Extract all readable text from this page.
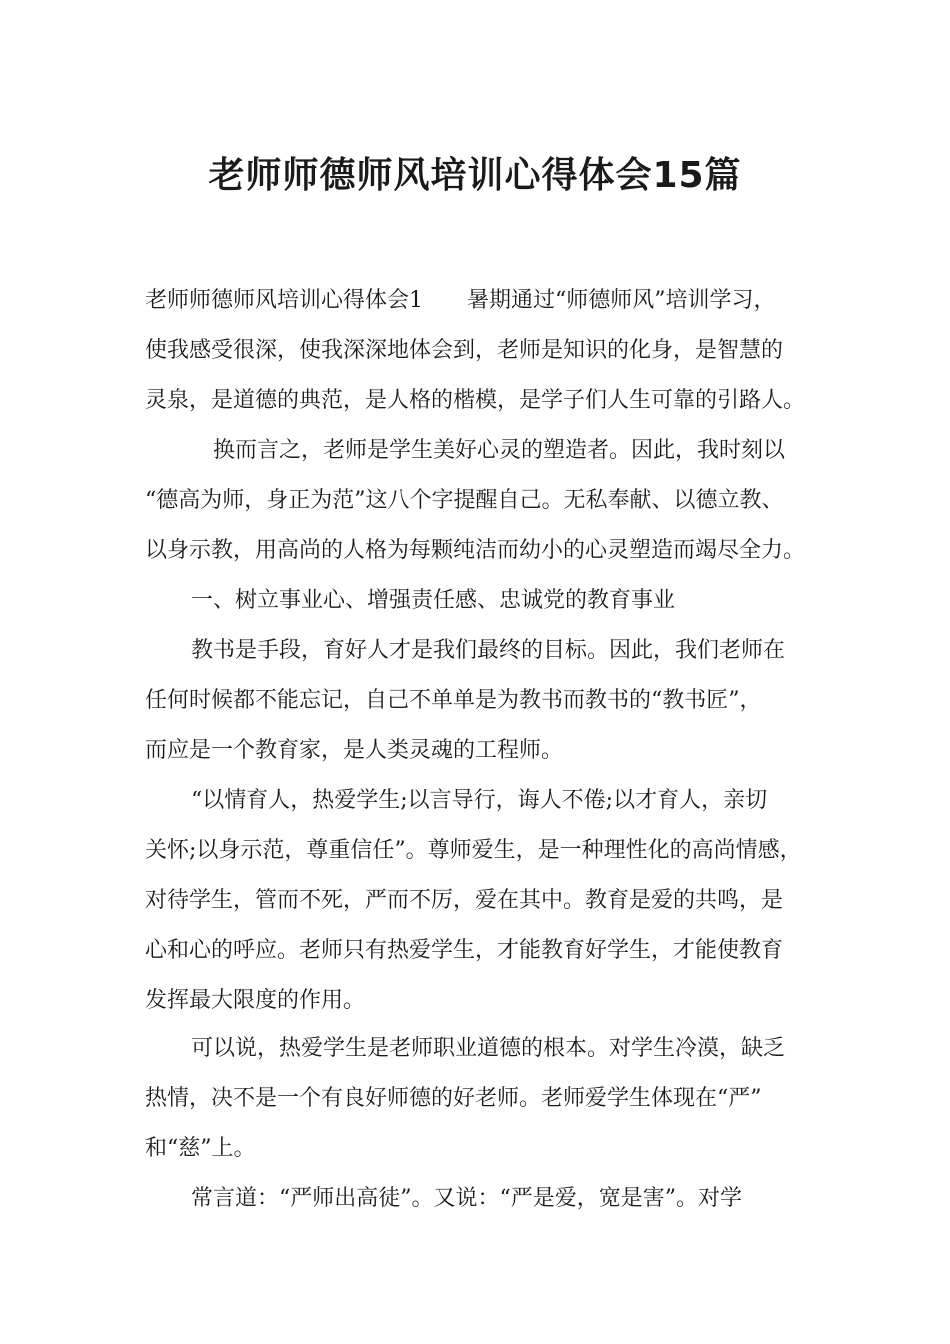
老师师德师风培训心得体会15篇
老师师德师风培训心得体会1　　暑期通过“师德师风”培训学习，
使我感受很深，使我深深地体会到，老师是知识的化身，是智慧的
灵泉，是道德的典范，是人格的楷模，是学子们人生可靠的引路人。
　换而言之，老师是学生美好心灵的塑造者。因此，我时刻以
“德高为师，身正为范”这八个字提醒自己。无私奉献、以德立教、
以身示教，用高尚的人格为每颗纯洁而幼小的心灵塑造而竭尽全力。
一、树立事业心、增强责任感、忠诚党的教育事业
教书是手段，育好人才是我们最终的目标。因此，我们老师在
任何时候都不能忘记，自己不单单是为教书而教书的“教书匠”，
而应是一个教育家，是人类灵魂的工程师。
“以情育人，热爱学生;以言导行，诲人不倦;以才育人，亲切
关怀;以身示范，尊重信任”。尊师爱生，是一种理性化的高尚情感，
对待学生，管而不死，严而不厉，爱在其中。教育是爱的共鸣，是
心和心的呼应。老师只有热爱学生，才能教育好学生，才能使教育
发挥最大限度的作用。
可以说，热爱学生是老师职业道德的根本。对学生冷漠，缺乏
热情，决不是一个有良好师德的好老师。老师爱学生体现在“严”
和“慈”上。
常言道：“严师出高徒”。又说：“严是爱，宽是害”。对学
